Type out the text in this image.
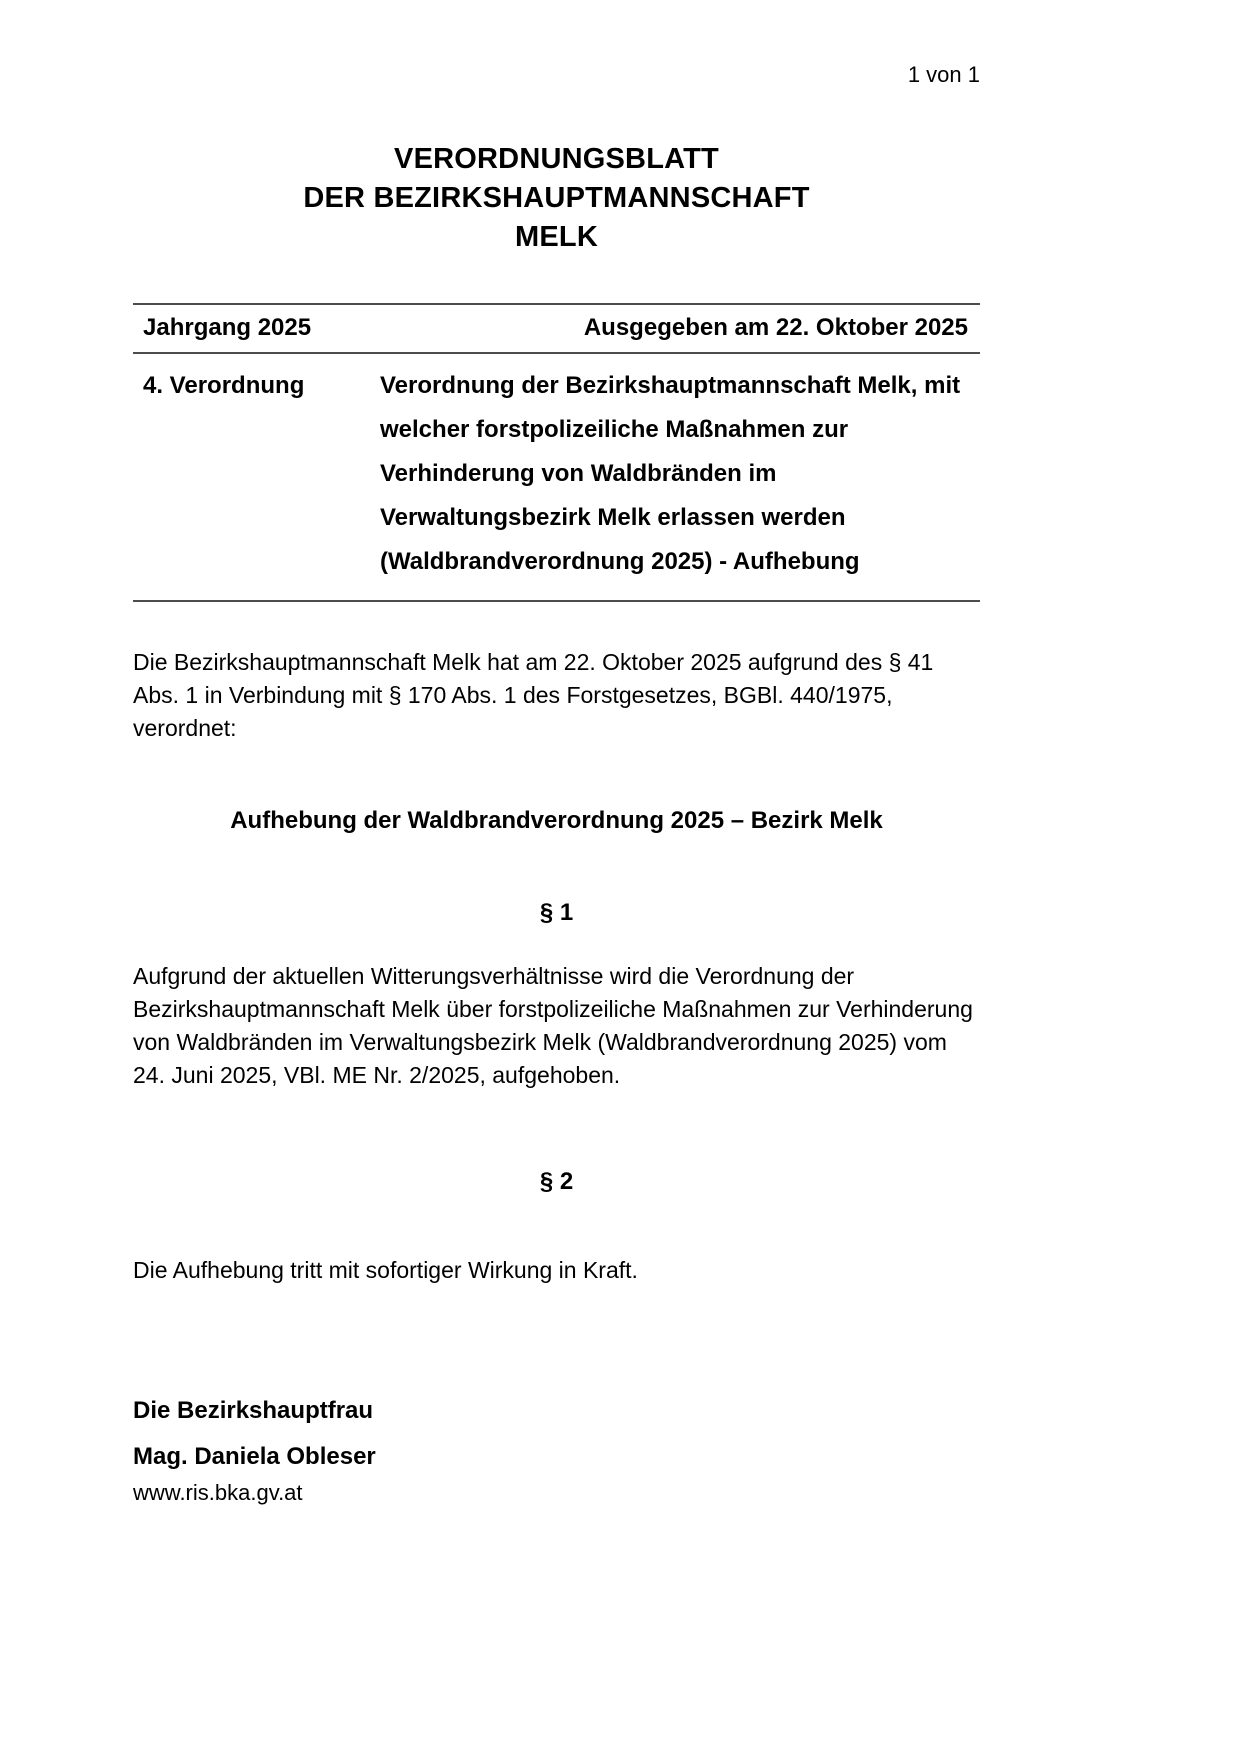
1 von 1
VERORDNUNGSBLATT
DER BEZIRKSHAUPTMANNSCHAFT
MELK
Jahrgang 2025	Ausgegeben am 22. Oktober 2025
4. Verordnung	Verordnung der Bezirkshauptmannschaft Melk, mit welcher forstpolizeiliche Maßnahmen zur Verhinderung von Waldbränden im Verwaltungsbezirk Melk erlassen werden (Waldbrandverordnung 2025) - Aufhebung

Die Bezirkshauptmannschaft Melk hat am 22. Oktober 2025 aufgrund des § 41 Abs. 1 in Verbindung mit § 170 Abs. 1 des Forstgesetzes, BGBl. 440/1975, verordnet:

Aufhebung der Waldbrandverordnung 2025 – Bezirk Melk
§ 1

Aufgrund der aktuellen Witterungsverhältnisse wird die Verordnung der Bezirkshauptmannschaft Melk über forstpolizeiliche Maßnahmen zur Verhinderung von Waldbränden im Verwaltungsbezirk Melk (Waldbrandverordnung 2025) vom 24. Juni 2025, VBl. ME Nr. 2/2025, aufgehoben.

§ 2

Die Aufhebung tritt mit sofortiger Wirkung in Kraft.

Die Bezirkshauptfrau
Mag. Daniela Obleser
www.ris.bka.gv.at
